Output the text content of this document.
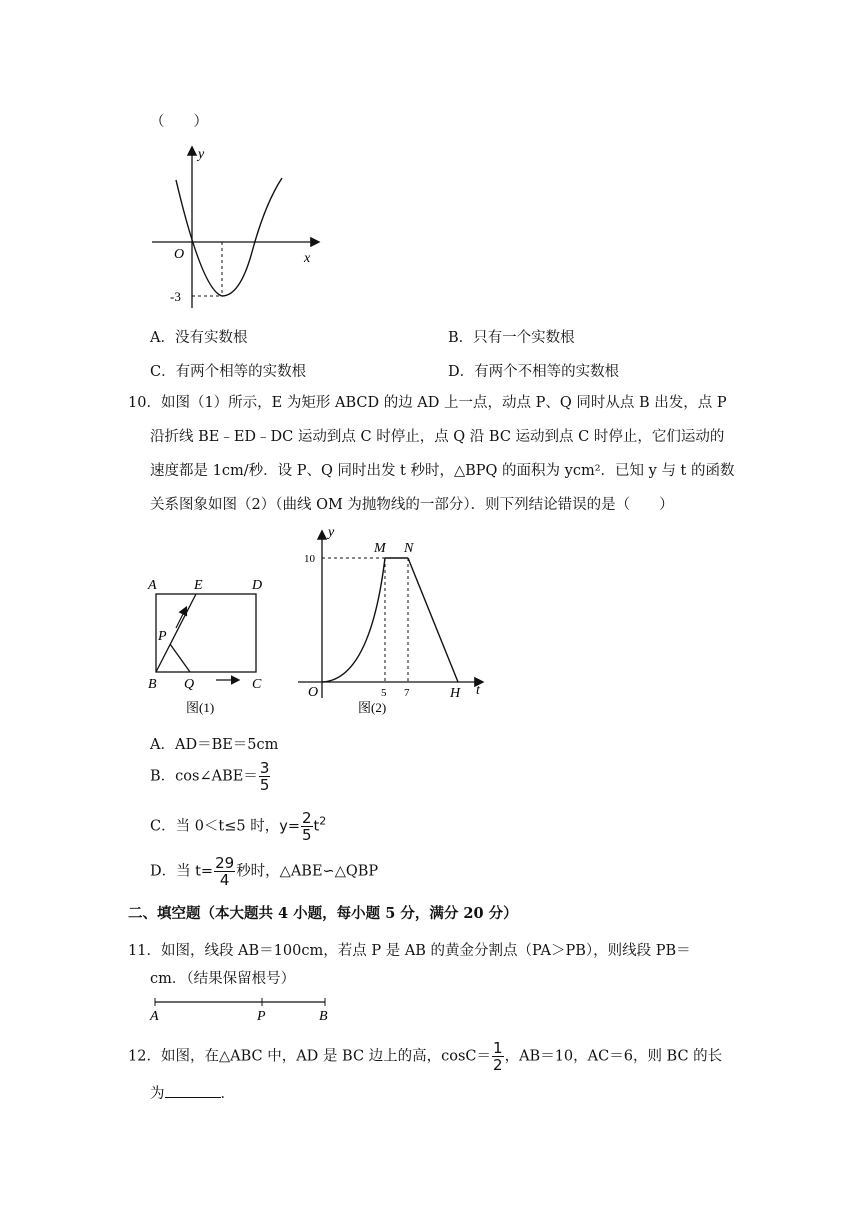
（　　）
y
x
O
-3
A．没有实数根	B．只有一个实数根
C．有两个相等的实数根	D．有两个不相等的实数根
10．如图（1）所示，E 为矩形 ABCD 的边 AD 上一点，动点 P、Q 同时从点 B 出发，点 P
沿折线 BE﹣ED﹣DC 运动到点 C 时停止，点 Q 沿 BC 运动到点 C 时停止，它们运动的
速度都是 1cm/秒．设 P、Q 同时出发 t 秒时，△BPQ 的面积为 ycm²．已知 y 与 t 的函数
关系图象如图（2）（曲线 OM 为抛物线的一部分）．则下列结论错误的是（　　）
A	E	D
P
B Q	C
图(1)
y
t
O
M N
H
10
5 7
图(2)
A．AD＝BE＝5cm
B．cos∠ABE＝ $\frac{3}{5}$
C．当 0＜t≤5 时，$y= \frac{2}{5} t^2$
D．当 $t= \frac{29}{4}$ 秒时，△ABE∽△QBP
二、填空题（本大题共 4 小题，每小题 5 分，满分 20 分）
11．如图，线段 AB＝100cm，若点 P 是 AB 的黄金分割点（PA＞PB），则线段 PB＝
cm．（结果保留根号）
A	P	B
12．如图，在△ABC 中，AD 是 BC 边上的高，$\cos C= \frac{1}{2}$ ，AB＝10，AC＝6，则 BC 的长
为	．
